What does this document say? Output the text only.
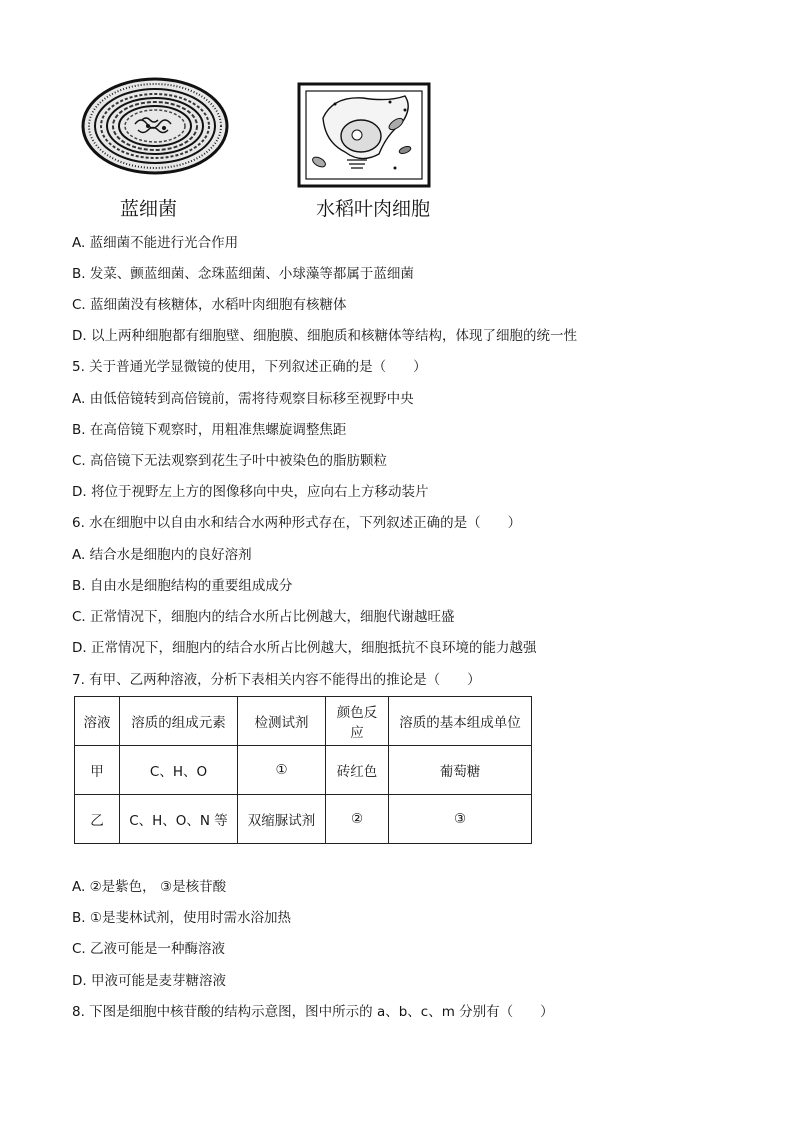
蓝细菌	水稻叶肉细胞
A. 蓝细菌不能进行光合作用
B. 发菜、颤蓝细菌、念珠蓝细菌、小球藻等都属于蓝细菌
C. 蓝细菌没有核糖体，水稻叶肉细胞有核糖体
D. 以上两种细胞都有细胞壁、细胞膜、细胞质和核糖体等结构，体现了细胞的统一性
5. 关于普通光学显微镜的使用，下列叙述正确的是（　　）
A. 由低倍镜转到高倍镜前，需将待观察目标移至视野中央
B. 在高倍镜下观察时，用粗准焦螺旋调整焦距
C. 高倍镜下无法观察到花生子叶中被染色的脂肪颗粒
D. 将位于视野左上方的图像移向中央，应向右上方移动装片
6. 水在细胞中以自由水和结合水两种形式存在，下列叙述正确的是（　　）
A. 结合水是细胞内的良好溶剂
B. 自由水是细胞结构的重要组成成分
C. 正常情况下，细胞内的结合水所占比例越大，细胞代谢越旺盛
D. 正常情况下，细胞内的结合水所占比例越大，细胞抵抗不良环境的能力越强
7. 有甲、乙两种溶液，分析下表相关内容不能得出的推论是（　　）
溶液	溶质的组成元素	检测试剂	颜色反应	溶质的基本组成单位
甲	C、H、O	①	砖红色	葡萄糖
乙	C、H、O、N 等	双缩脲试剂	②	③
A. ②是紫色， ③是核苷酸
B. ①是斐林试剂，使用时需水浴加热
C. 乙液可能是一种酶溶液
D. 甲液可能是麦芽糖溶液
8. 下图是细胞中核苷酸的结构示意图，图中所示的 a、b、c、m 分别有（　　）
